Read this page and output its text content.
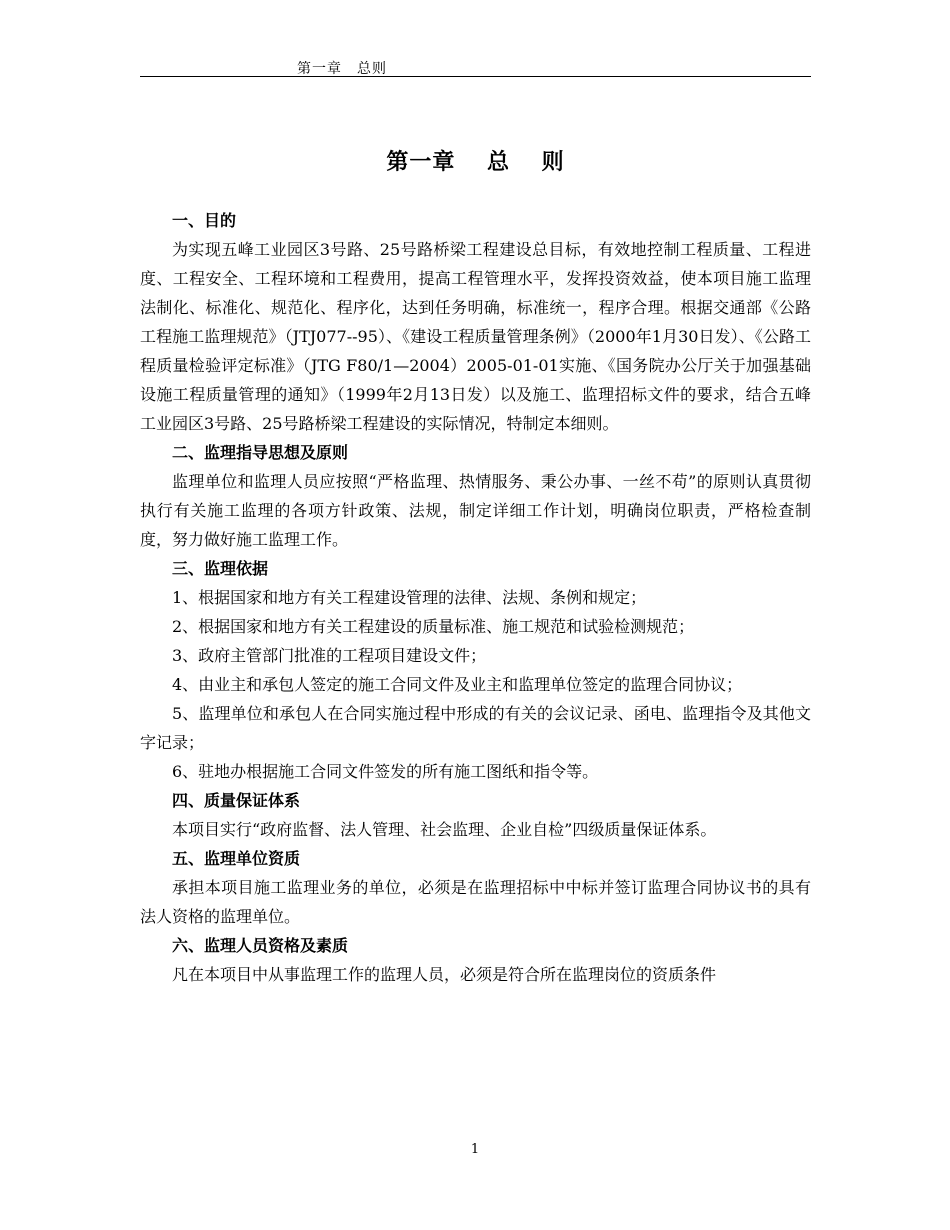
第一章　总则
第一章　 总　 则

一、目的

为实现五峰工业园区3号路、25号路桥梁工程建设总目标，有效地控制工程质量、工程进度、工程安全、工程环境和工程费用，提高工程管理水平，发挥投资效益，使本项目施工监理法制化、标准化、规范化、程序化，达到任务明确，标准统一，程序合理。根据交通部《公路工程施工监理规范》（JTJ077--95）、《建设工程质量管理条例》（2000年1月30日发）、《公路工程质量检验评定标准》（JTG F80/1—2004）2005-01-01实施、《国务院办公厅关于加强基础设施工程质量管理的通知》（1999年2月13日发）以及施工、监理招标文件的要求，结合五峰工业园区3号路、25号路桥梁工程建设的实际情况，特制定本细则。

二、监理指导思想及原则

监理单位和监理人员应按照“严格监理、热情服务、秉公办事、一丝不苟”的原则认真贯彻执行有关施工监理的各项方针政策、法规，制定详细工作计划，明确岗位职责，严格检查制度，努力做好施工监理工作。

三、监理依据

1、根据国家和地方有关工程建设管理的法律、法规、条例和规定；

2、根据国家和地方有关工程建设的质量标准、施工规范和试验检测规范；

3、政府主管部门批准的工程项目建设文件；

4、由业主和承包人签定的施工合同文件及业主和监理单位签定的监理合同协议；

5、监理单位和承包人在合同实施过程中形成的有关的会议记录、函电、监理指令及其他文字记录；

6、驻地办根据施工合同文件签发的所有施工图纸和指令等。

四、质量保证体系

本项目实行“政府监督、法人管理、社会监理、企业自检”四级质量保证体系。

五、监理单位资质

承担本项目施工监理业务的单位，必须是在监理招标中中标并签订监理合同协议书的具有法人资格的监理单位。

六、监理人员资格及素质

凡在本项目中从事监理工作的监理人员，必须是符合所在监理岗位的资质条件

1
